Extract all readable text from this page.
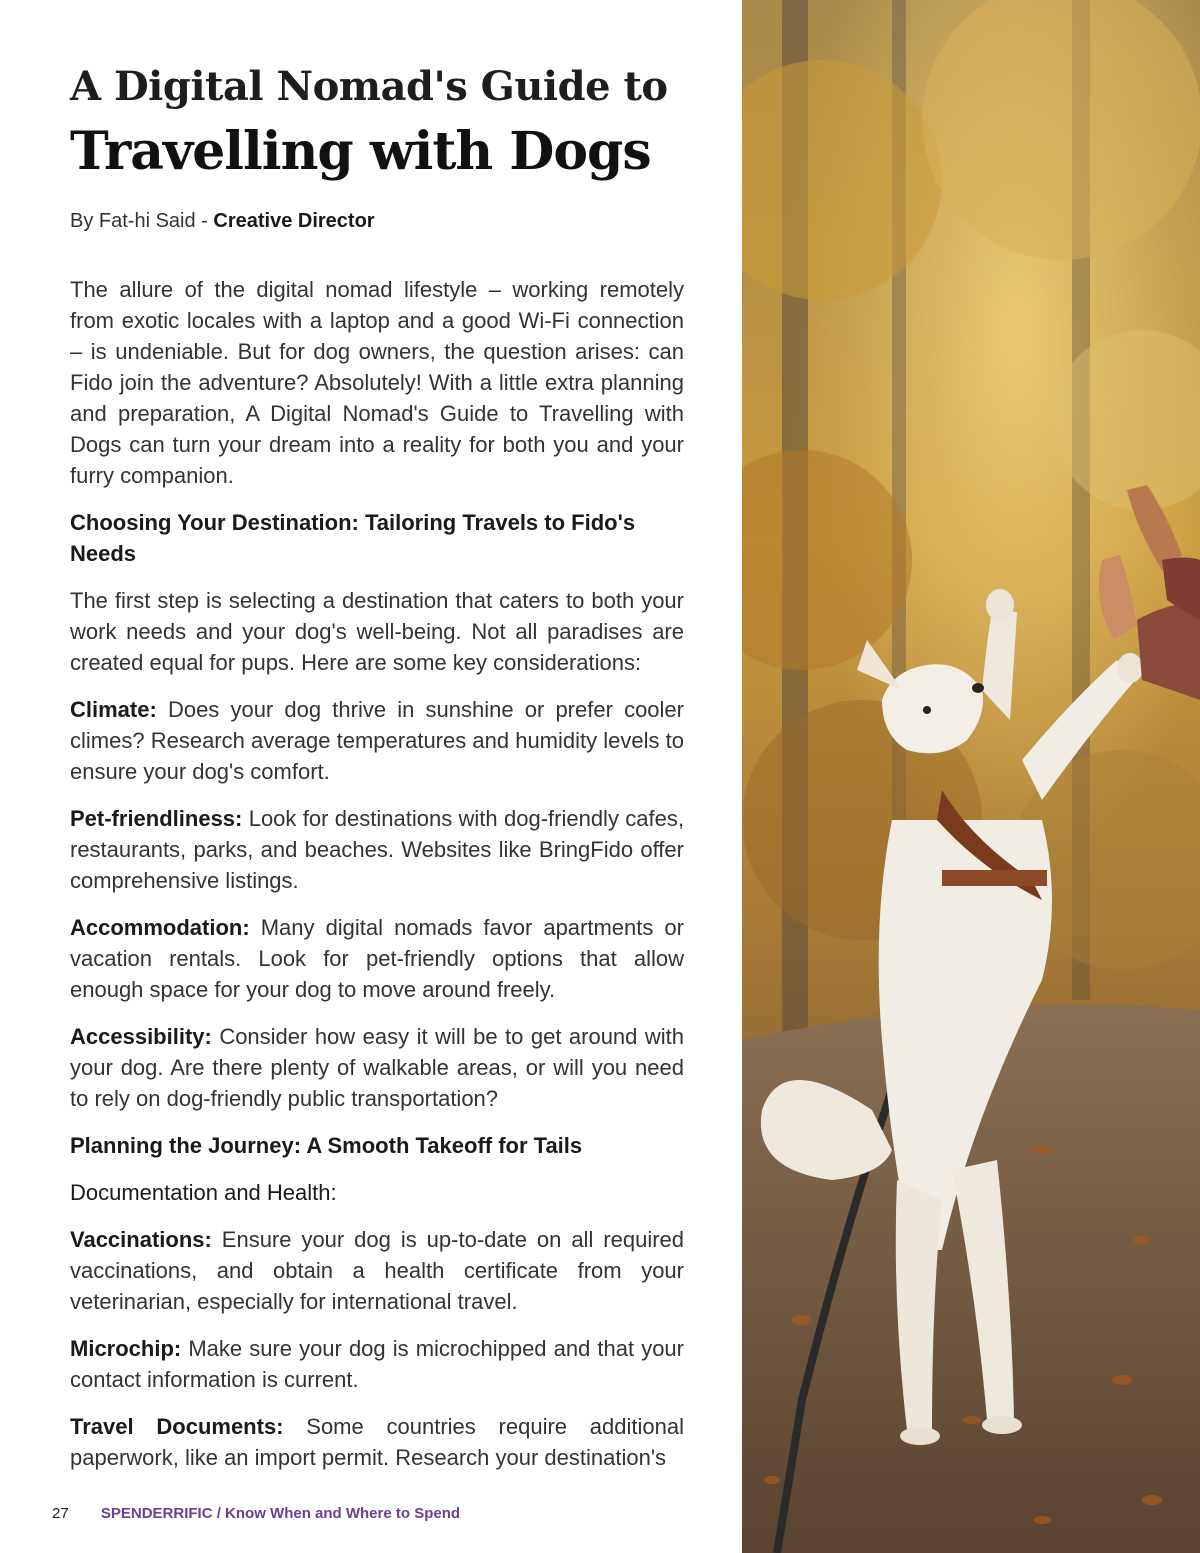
A Digital Nomad's Guide to
Travelling with Dogs

By Fat-hi Said - Creative Director

The allure of the digital nomad lifestyle – working remotely from exotic locales with a laptop and a good Wi-Fi connection – is undeniable. But for dog owners, the question arises: can Fido join the adventure? Absolutely! With a little extra planning and preparation, A Digital Nomad's Guide to Travelling with Dogs can turn your dream into a reality for both you and your furry companion.

Choosing Your Destination: Tailoring Travels to Fido's Needs

The first step is selecting a destination that caters to both your work needs and your dog's well-being. Not all paradises are created equal for pups. Here are some key considerations:

Climate: Does your dog thrive in sunshine or prefer cooler climes? Research average temperatures and humidity levels to ensure your dog's comfort.

Pet-friendliness: Look for destinations with dog-friendly cafes, restaurants, parks, and beaches. Websites like BringFido offer comprehensive listings.

Accommodation: Many digital nomads favor apartments or vacation rentals. Look for pet-friendly options that allow enough space for your dog to move around freely.

Accessibility: Consider how easy it will be to get around with your dog. Are there plenty of walkable areas, or will you need to rely on dog-friendly public transportation?

Planning the Journey: A Smooth Takeoff for Tails

Documentation and Health:

Vaccinations: Ensure your dog is up-to-date on all required vaccinations, and obtain a health certificate from your veterinarian, especially for international travel.

Microchip: Make sure your dog is microchipped and that your contact information is current.

Travel Documents: Some countries require additional paperwork, like an import permit. Research your destination's

27 SPENDERRIFIC / Know When and Where to Spend
